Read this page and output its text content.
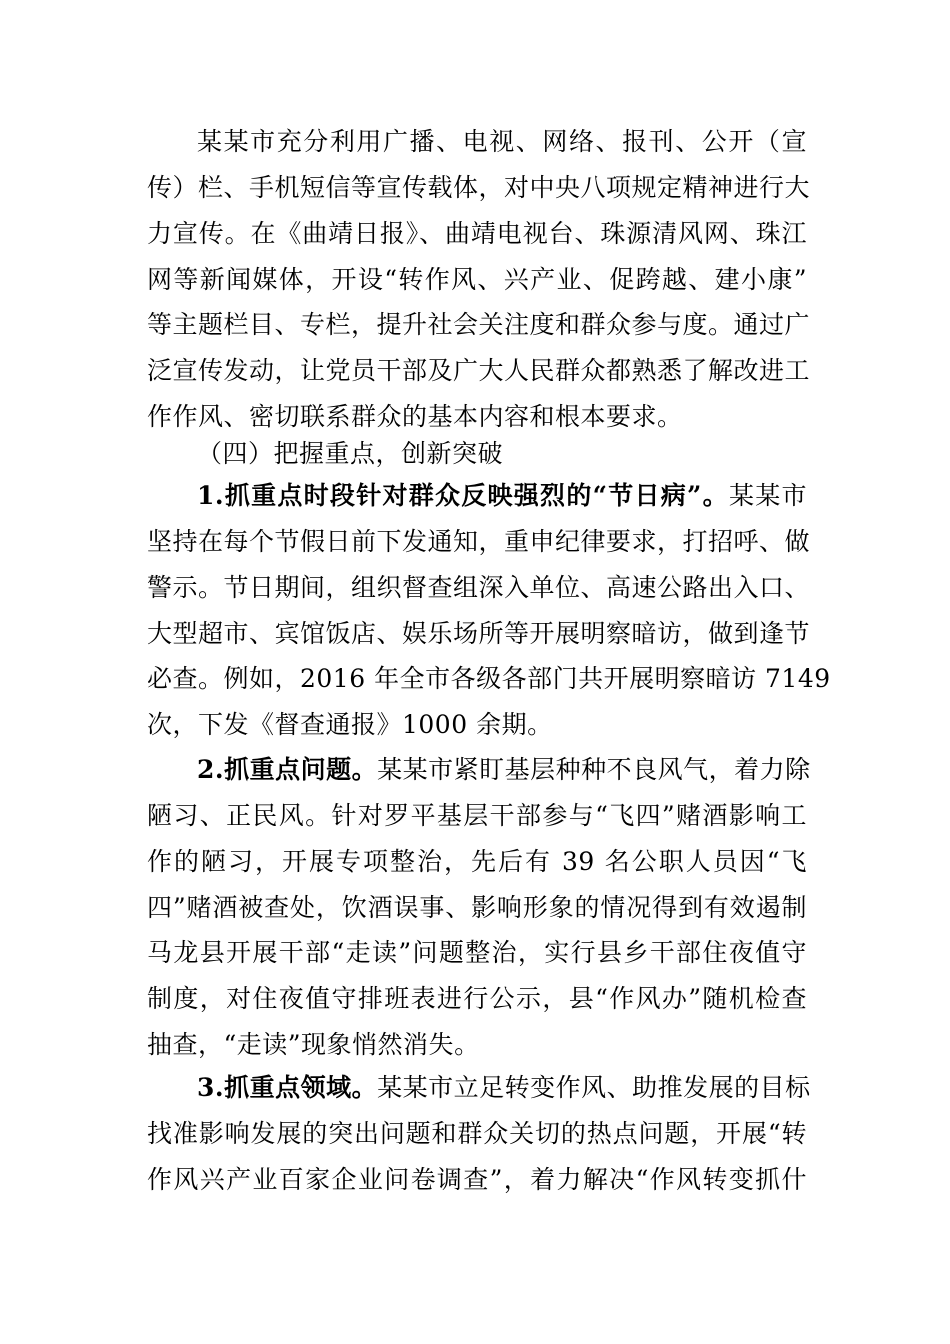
某某市充分利用广播、电视、网络、报刊、公开（宣
传）栏、手机短信等宣传载体，对中央八项规定精神进行大
力宣传。在《曲靖日报》、曲靖电视台、珠源清风网、珠江
网等新闻媒体，开设“转作风、兴产业、促跨越、建小康”
等主题栏目、专栏，提升社会关注度和群众参与度。通过广
泛宣传发动，让党员干部及广大人民群众都熟悉了解改进工
作作风、密切联系群众的基本内容和根本要求。
（四）把握重点，创新突破
1.抓重点时段针对群众反映强烈的“节日病”。某某市
坚持在每个节假日前下发通知，重申纪律要求，打招呼、做
警示。节日期间，组织督查组深入单位、高速公路出入口、
大型超市、宾馆饭店、娱乐场所等开展明察暗访，做到逢节
必查。例如，2016 年全市各级各部门共开展明察暗访 7149
次，下发《督查通报》1000 余期。
2.抓重点问题。某某市紧盯基层种种不良风气，着力除
陋习、正民风。针对罗平基层干部参与“飞四”赌酒影响工
作的陋习，开展专项整治，先后有 39 名公职人员因“飞
四”赌酒被查处，饮酒误事、影响形象的情况得到有效遏制
马龙县开展干部“走读”问题整治，实行县乡干部住夜值守
制度，对住夜值守排班表进行公示，县“作风办”随机检查
抽查，“走读”现象悄然消失。
3.抓重点领域。某某市立足转变作风、助推发展的目标
找准影响发展的突出问题和群众关切的热点问题，开展“转
作风兴产业百家企业问卷调查”，着力解决“作风转变抓什
